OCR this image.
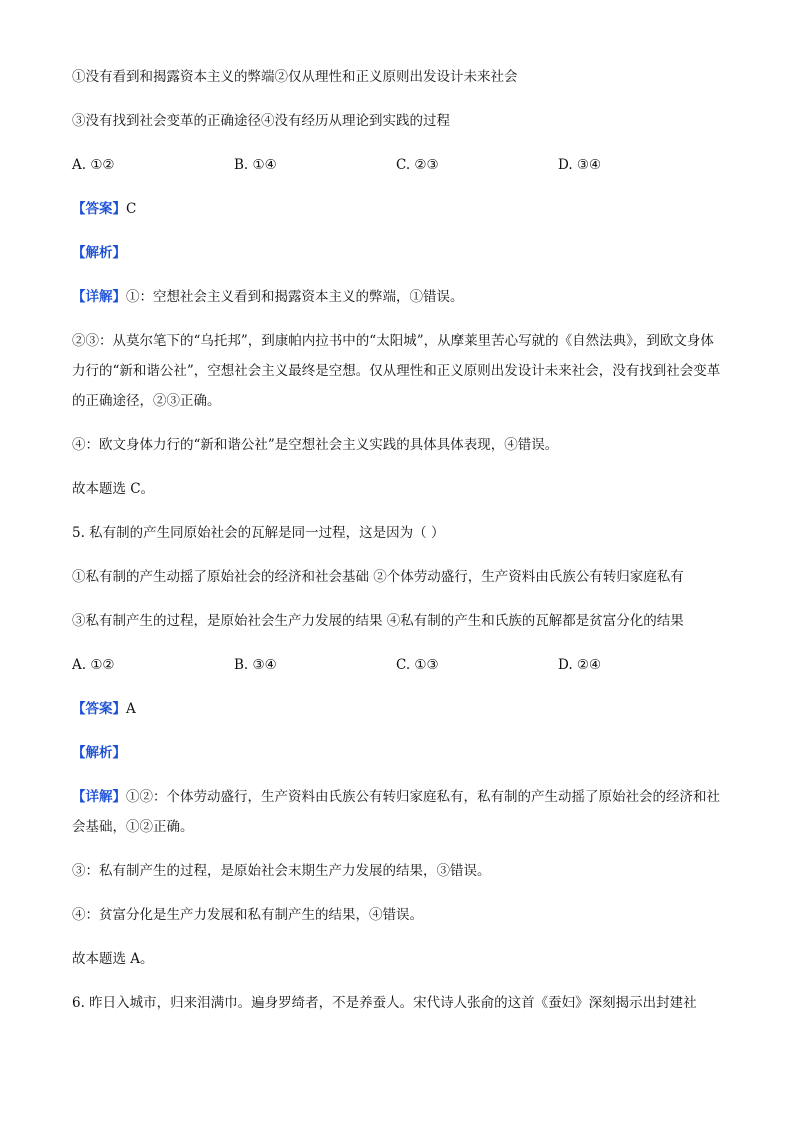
①没有看到和揭露资本主义的弊端②仅从理性和正义原则出发设计未来社会

③没有找到社会变革的正确途径④没有经历从理论到实践的过程

A. ①②	B. ①④	C. ②③	D. ③④

【答案】C

【解析】

【详解】①：空想社会主义看到和揭露资本主义的弊端，①错误。

②③：从莫尔笔下的“乌托邦”，到康帕内拉书中的“太阳城”，从摩莱里苦心写就的《自然法典》，到欧文身体力行的“新和谐公社”，空想社会主义最终是空想。仅从理性和正义原则出发设计未来社会，没有找到社会变革的正确途径，②③正确。

④：欧文身体力行的“新和谐公社”是空想社会主义实践的具体具体表现，④错误。

故本题选 C。

5. 私有制的产生同原始社会的瓦解是同一过程，这是因为（ ）

①私有制的产生动摇了原始社会的经济和社会基础 ②个体劳动盛行，生产资料由氏族公有转归家庭私有

③私有制产生的过程，是原始社会生产力发展的结果 ④私有制的产生和氏族的瓦解都是贫富分化的结果

A. ①②	B. ③④	C. ①③	D. ②④

【答案】A

【解析】

【详解】①②：个体劳动盛行，生产资料由氏族公有转归家庭私有，私有制的产生动摇了原始社会的经济和社会基础，①②正确。

③：私有制产生的过程，是原始社会末期生产力发展的结果，③错误。

④：贫富分化是生产力发展和私有制产生的结果，④错误。

故本题选 A。

6. 昨日入城市，归来泪满巾。遍身罗绮者，不是养蚕人。宋代诗人张俞的这首《蚕妇》深刻揭示出封建社
